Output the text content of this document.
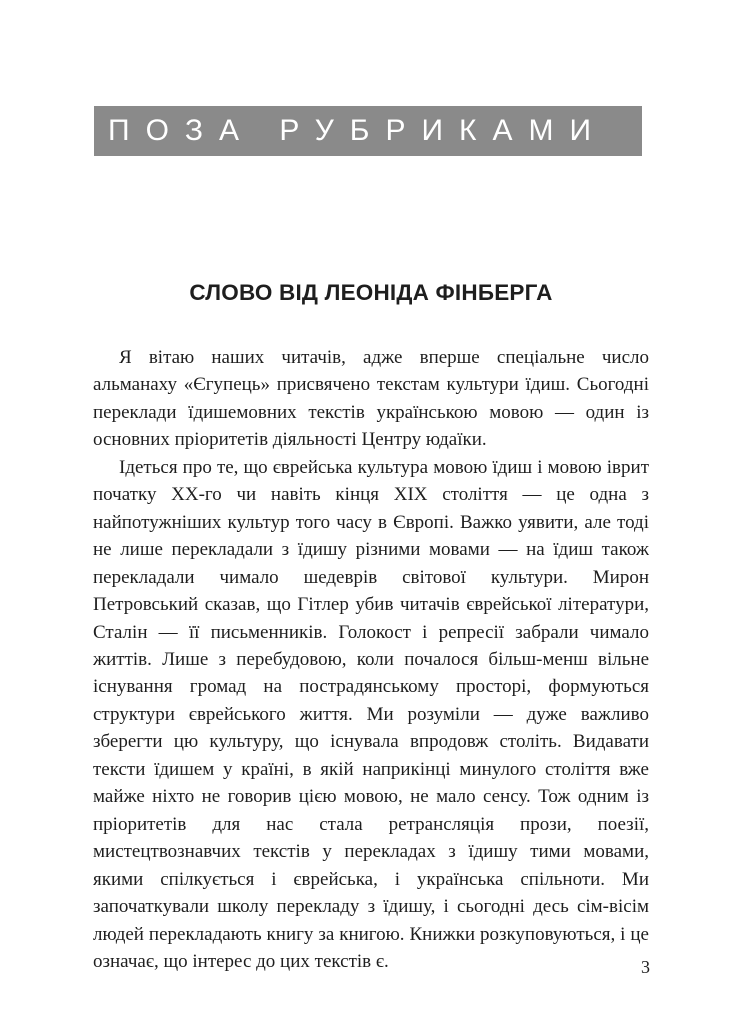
ПОЗА РУБРИКАМИ
СЛОВО ВІД ЛЕОНІДА ФІНБЕРГА

Я вітаю наших читачів, адже вперше спеціальне число альманаху «Єгупець» присвячено текстам культури їдиш. Сьогодні переклади їдишемовних текстів українською мовою — один із основних пріоритетів діяльності Центру юдаїки.

Ідеться про те, що єврейська культура мовою їдиш і мовою іврит початку XX-го чи навіть кінця XIX століття — це одна з найпотужніших культур того часу в Європі. Важко уявити, але тоді не лише перекладали з їдишу різними мовами — на їдиш також перекладали чимало шедеврів світової культури. Мирон Петровський сказав, що Гітлер убив читачів єврейської літератури, Сталін — її письменників. Голокост і репресії забрали чимало життів. Лише з перебудовою, коли почалося більш-менш вільне існування громад на пострадянському просторі, формуються структури єврейського життя. Ми розуміли — дуже важливо зберегти цю культуру, що існувала впродовж століть. Видавати тексти їдишем у країні, в якій наприкінці минулого століття вже майже ніхто не говорив цією мовою, не мало сенсу. Тож одним із пріоритетів для нас стала ретрансляція прози, поезії, мистецтвознавчих текстів у перекладах з їдишу тими мовами, якими спілкується і єврейська, і українська спільноти. Ми започаткували школу перекладу з їдишу, і сьогодні десь сім-вісім людей перекладають книгу за книгою. Книжки розкуповуються, і це означає, що інтерес до цих текстів є.	3
